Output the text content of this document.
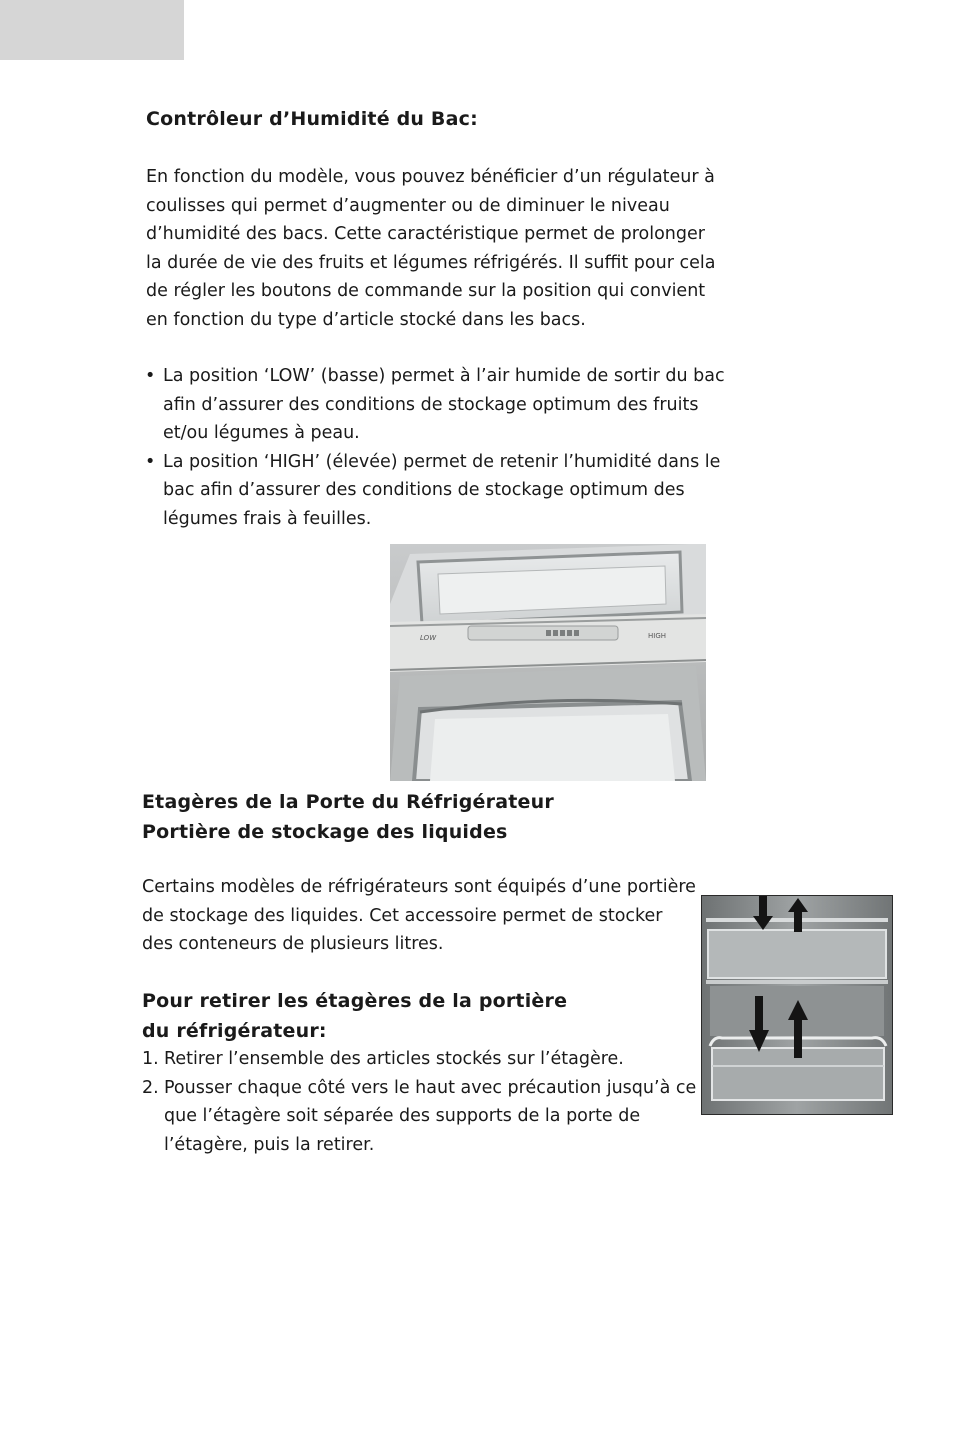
Contrôleur d’Humidité du Bac:

En fonction du modèle, vous pouvez bénéficier d’un régulateur à coulisses qui permet d’augmenter ou de diminuer le niveau d’humidité des bacs. Cette caractéristique permet de prolonger la durée de vie des fruits et légumes réfrigérés. Il suffit pour cela de régler les boutons de commande sur la position qui convient en fonction du type d’article stocké dans les bacs.

• La position ‘LOW’ (basse) permet à l’air humide de sortir du bac afin d’assurer des conditions de stockage optimum des fruits et/ou légumes à peau.
• La position ‘HIGH’ (élevée) permet de retenir l’humidité dans le bac afin d’assurer des conditions de stockage optimum des légumes frais à feuilles.
LOW	HIGH
Etagères de la Porte du Réfrigérateur
Portière de stockage des liquides

Certains modèles de réfrigérateurs sont équipés d’une portière de stockage des liquides. Cet accessoire permet de stocker des conteneurs de plusieurs litres.

Pour retirer les étagères de la portière
du réfrigérateur:
1. Retirer l’ensemble des articles stockés sur l’étagère.
2. Pousser chaque côté vers le haut avec précaution jusqu’à ce que l’étagère soit séparée des supports de la porte de l’étagère, puis la retirer.
